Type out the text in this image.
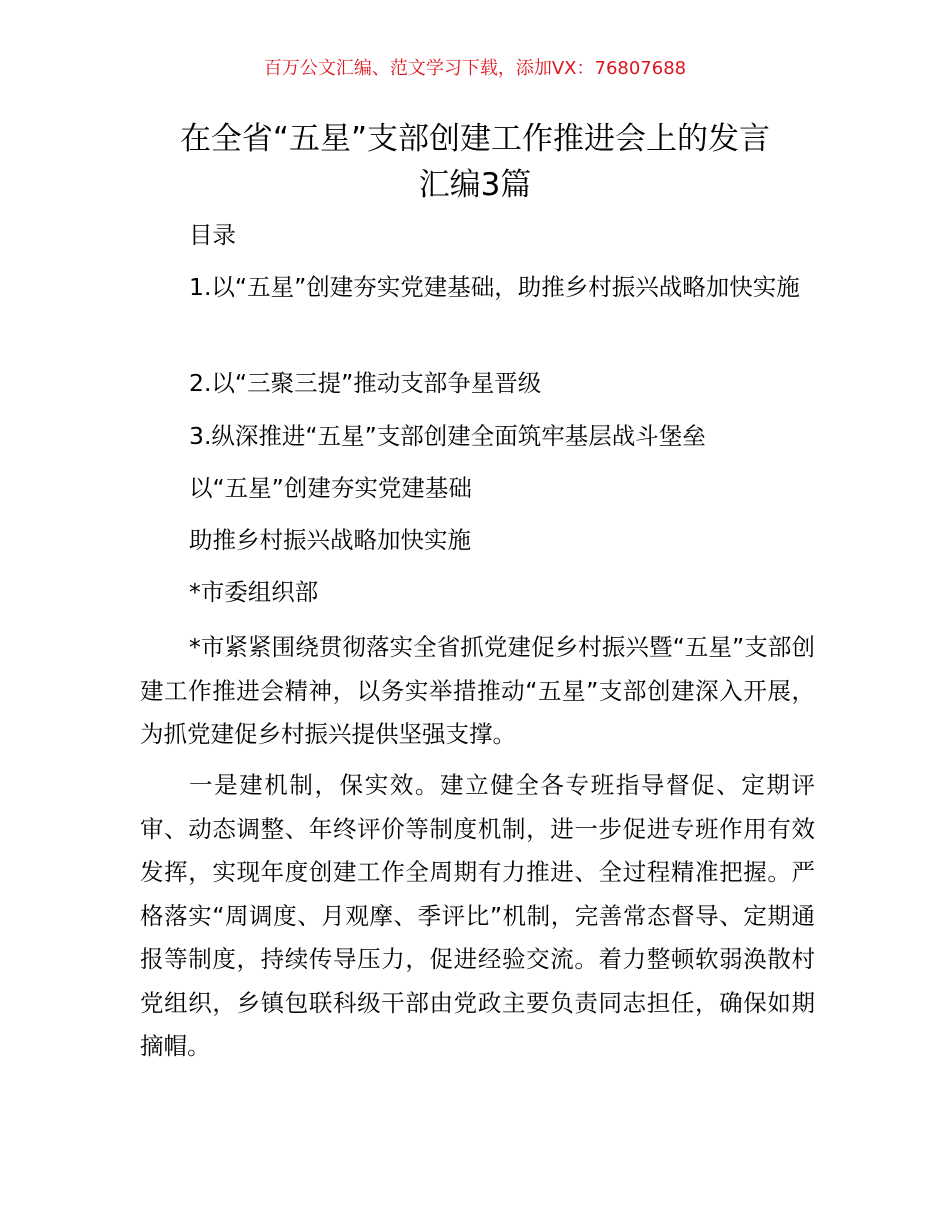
百万公文汇编、范文学习下载，添加VX：76807688
在全省“五星”支部创建工作推进会上的发言
汇编3篇

目录

1.以“五星”创建夯实党建基础，助推乡村振兴战略加快实施

2.以“三聚三提”推动支部争星晋级

3.纵深推进“五星”支部创建全面筑牢基层战斗堡垒

以“五星”创建夯实党建基础

助推乡村振兴战略加快实施

*市委组织部

*市紧紧围绕贯彻落实全省抓党建促乡村振兴暨“五星”支部创建工作推进会精神，以务实举措推动“五星”支部创建深入开展，为抓党建促乡村振兴提供坚强支撑。

一是建机制，保实效。建立健全各专班指导督促、定期评审、动态调整、年终评价等制度机制，进一步促进专班作用有效发挥，实现年度创建工作全周期有力推进、全过程精准把握。严格落实“周调度、月观摩、季评比”机制，完善常态督导、定期通报等制度，持续传导压力，促进经验交流。着力整顿软弱涣散村党组织，乡镇包联科级干部由党政主要负责同志担任，确保如期摘帽。
